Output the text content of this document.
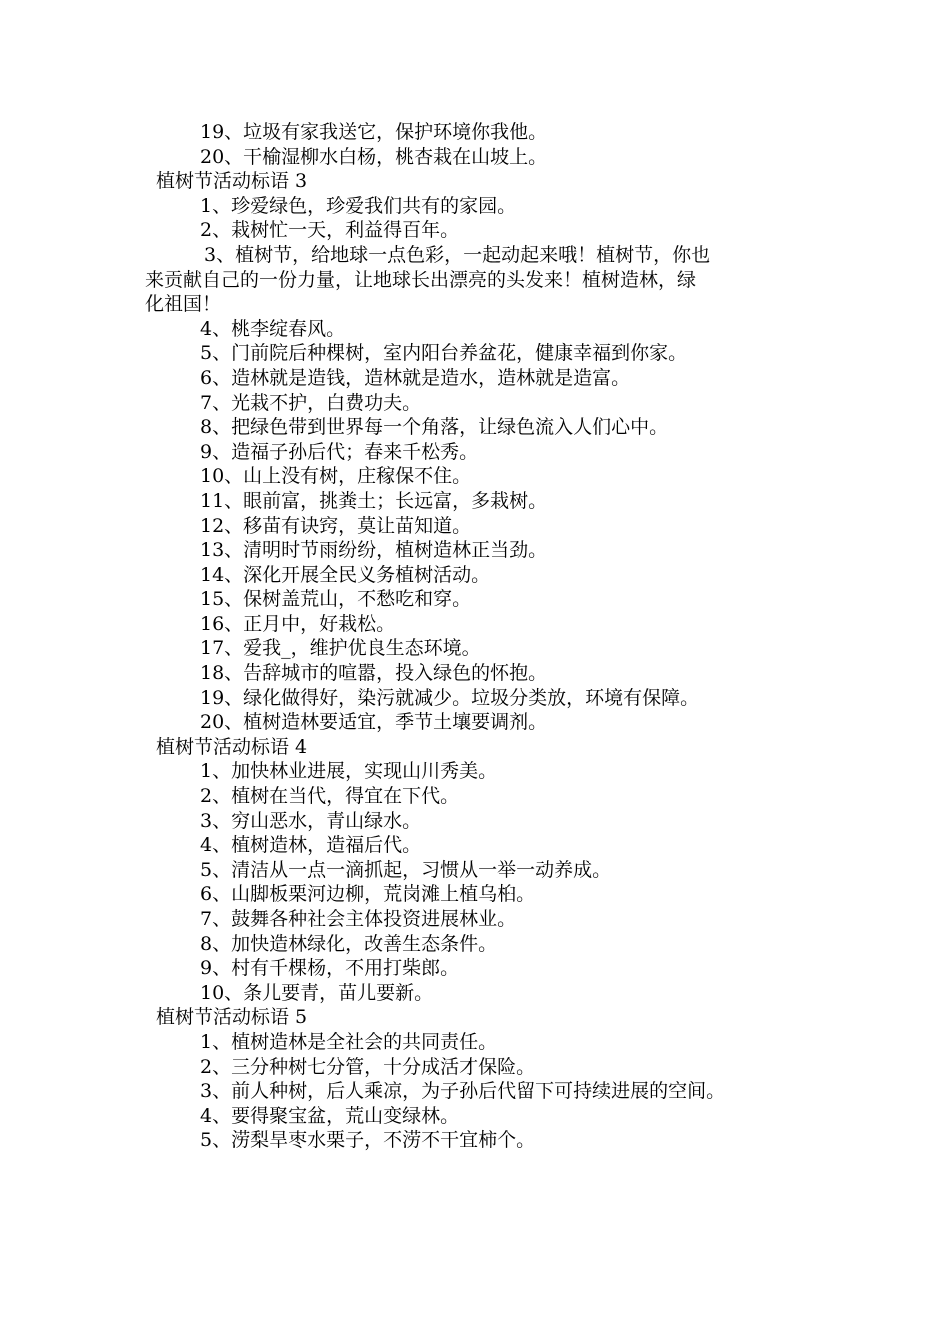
19、垃圾有家我送它，保护环境你我他。
20、干榆湿柳水白杨，桃杏栽在山坡上。
植树节活动标语 3
1、珍爱绿色，珍爱我们共有的家园。
2、栽树忙一天，利益得百年。
3、植树节，给地球一点色彩，一起动起来哦！植树节，你也
来贡献自己的一份力量，让地球长出漂亮的头发来！植树造林，绿
化祖国！
4、桃李绽春风。
5、门前院后种棵树，室内阳台养盆花，健康幸福到你家。
6、造林就是造钱，造林就是造水，造林就是造富。
7、光栽不护，白费功夫。
8、把绿色带到世界每一个角落，让绿色流入人们心中。
9、造福子孙后代；春来千松秀。
10、山上没有树，庄稼保不住。
11、眼前富，挑粪土；长远富，多栽树。
12、移苗有诀窍，莫让苗知道。
13、清明时节雨纷纷，植树造林正当劲。
14、深化开展全民义务植树活动。
15、保树盖荒山，不愁吃和穿。
16、正月中，好栽松。
17、爱我_，维护优良生态环境。
18、告辞城市的喧嚣，投入绿色的怀抱。
19、绿化做得好，染污就减少。垃圾分类放，环境有保障。
20、植树造林要适宜，季节土壤要调剂。
植树节活动标语 4
1、加快林业进展，实现山川秀美。
2、植树在当代，得宜在下代。
3、穷山恶水，青山绿水。
4、植树造林，造福后代。
5、清洁从一点一滴抓起，习惯从一举一动养成。
6、山脚板栗河边柳，荒岗滩上植乌桕。
7、鼓舞各种社会主体投资进展林业。
8、加快造林绿化，改善生态条件。
9、村有千棵杨，不用打柴郎。
10、条儿要青，苗儿要新。
植树节活动标语 5
1、植树造林是全社会的共同责任。
2、三分种树七分管，十分成活才保险。
3、前人种树，后人乘凉，为子孙后代留下可持续进展的空间。
4、要得聚宝盆，荒山变绿林。
5、涝梨旱枣水栗子，不涝不干宜柿个。
